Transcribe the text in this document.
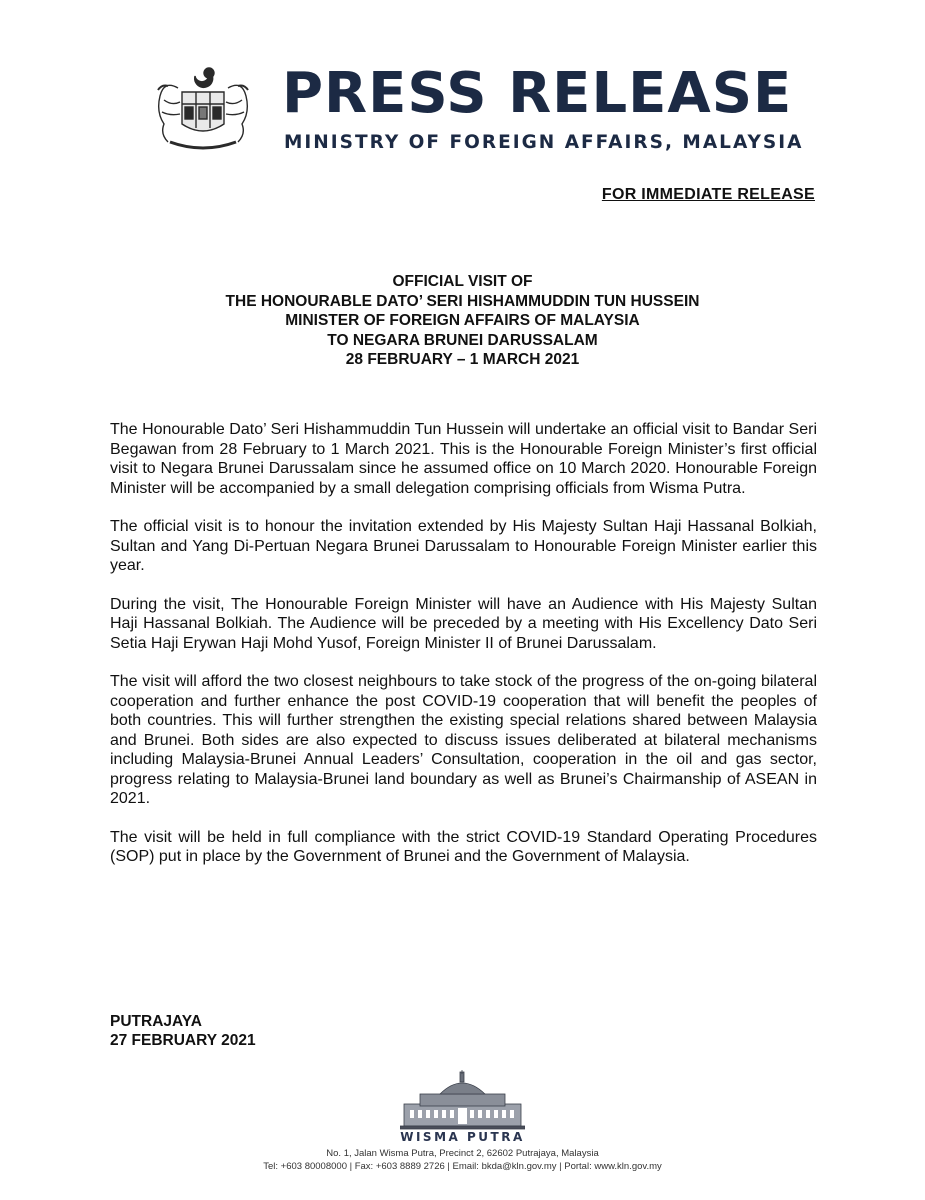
PRESS RELEASE
MINISTRY OF FOREIGN AFFAIRS, MALAYSIA
FOR IMMEDIATE RELEASE
OFFICIAL VISIT OF
THE HONOURABLE DATO’ SERI HISHAMMUDDIN TUN HUSSEIN
MINISTER OF FOREIGN AFFAIRS OF MALAYSIA
TO NEGARA BRUNEI DARUSSALAM
28 FEBRUARY – 1 MARCH 2021

The Honourable Dato’ Seri Hishammuddin Tun Hussein will undertake an official visit to Bandar Seri Begawan from 28 February to 1 March 2021. This is the Honourable Foreign Minister’s first official visit to Negara Brunei Darussalam since he assumed office on 10 March 2020. Honourable Foreign Minister will be accompanied by a small delegation comprising officials from Wisma Putra.

The official visit is to honour the invitation extended by His Majesty Sultan Haji Hassanal Bolkiah, Sultan and Yang Di-Pertuan Negara Brunei Darussalam to Honourable Foreign Minister earlier this year.

During the visit, The Honourable Foreign Minister will have an Audience with His Majesty Sultan Haji Hassanal Bolkiah. The Audience will be preceded by a meeting with His Excellency Dato Seri Setia Haji Erywan Haji Mohd Yusof, Foreign Minister II of Brunei Darussalam.

The visit will afford the two closest neighbours to take stock of the progress of the on-going bilateral cooperation and further enhance the post COVID-19 cooperation that will benefit the peoples of both countries. This will further strengthen the existing special relations shared between Malaysia and Brunei. Both sides are also expected to discuss issues deliberated at bilateral mechanisms including Malaysia-Brunei Annual Leaders’ Consultation, cooperation in the oil and gas sector, progress relating to Malaysia-Brunei land boundary as well as Brunei’s Chairmanship of ASEAN in 2021.

The visit will be held in full compliance with the strict COVID-19 Standard Operating Procedures (SOP) put in place by the Government of Brunei and the Government of Malaysia.

PUTRAJAYA
27 FEBRUARY 2021
WISMA PUTRA
No. 1, Jalan Wisma Putra, Precinct 2, 62602 Putrajaya, Malaysia
Tel: +603 80008000 | Fax: +603 8889 2726 | Email: bkda@kln.gov.my | Portal: www.kln.gov.my
